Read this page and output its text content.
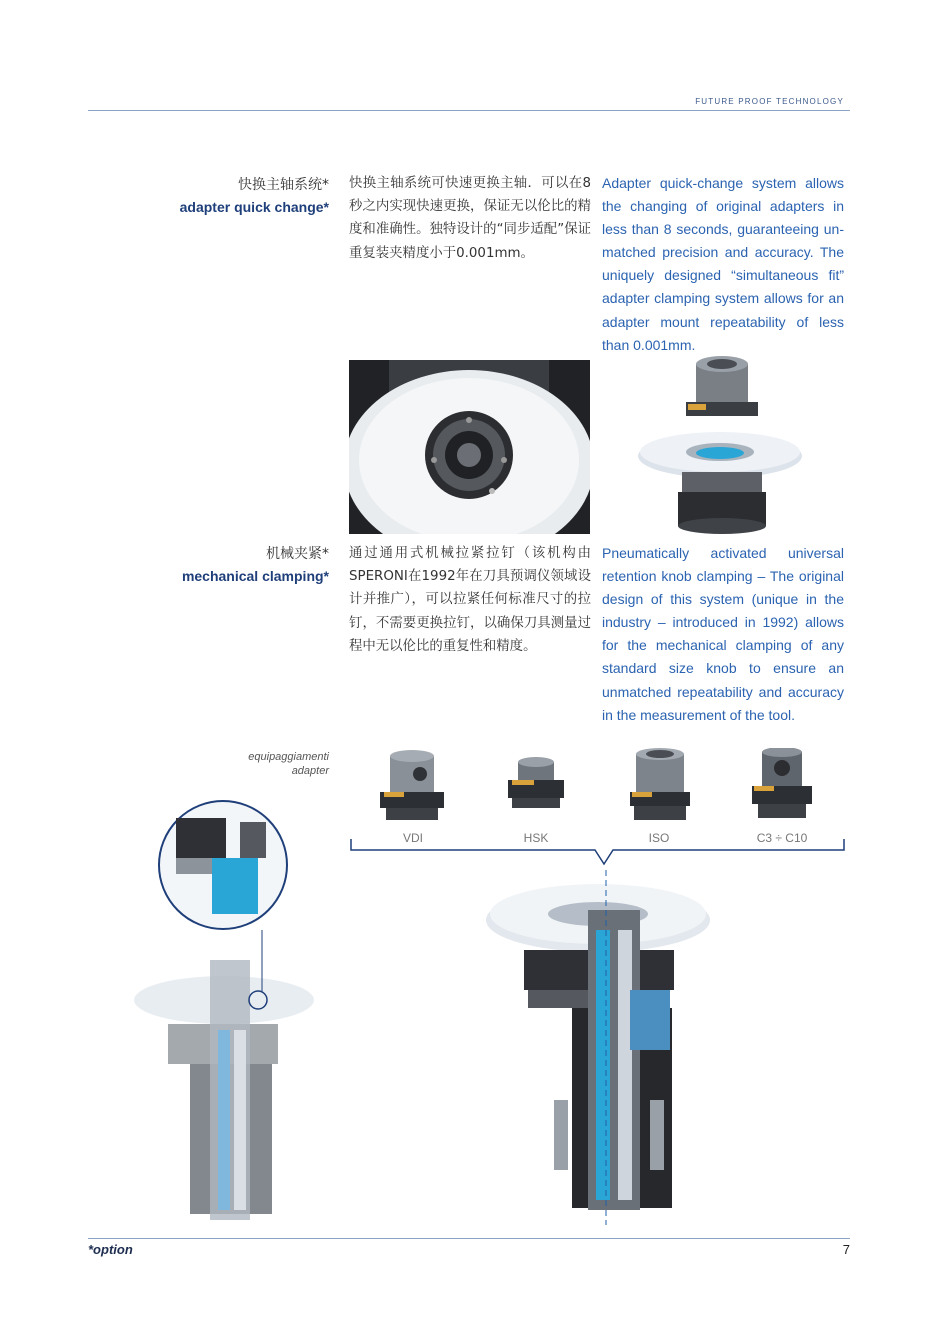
FUTURE PROOF TECHNOLOGY
快换主轴系统*
adapter quick change*
快换主轴系统可快速更换主轴．可以在8秒之内实现快速更换，保证无以伦比的精度和准确性。独特设计的“同步适配”保证重复装夹精度小于0.001mm。
Adapter quick-change system allows the changing of original adapters in less than 8 seconds, guaranteeing un-matched precision and accuracy. The uniquely designed “simultaneous fit” adapter clamping system allows for an adapter mount repeatability of less than 0.001mm.
机械夹紧*
mechanical clamping*
通过通用式机械拉紧拉钉（该机构由SPERONI在1992年在刀具预调仪领域设计并推广），可以拉紧任何标准尺寸的拉钉，不需要更换拉钉，以确保刀具测量过程中无以伦比的重复性和精度。
Pneumatically activated universal retention knob clamping – The original design of this system (unique in the industry – introduced in 1992) allows for the mechanical clamping of any standard size knob to ensure an unmatched repeatability and accuracy in the measurement of the tool.
equipaggiamenti
adapter
VDI	HSK	ISO	C3 ÷ C10
*option	7
